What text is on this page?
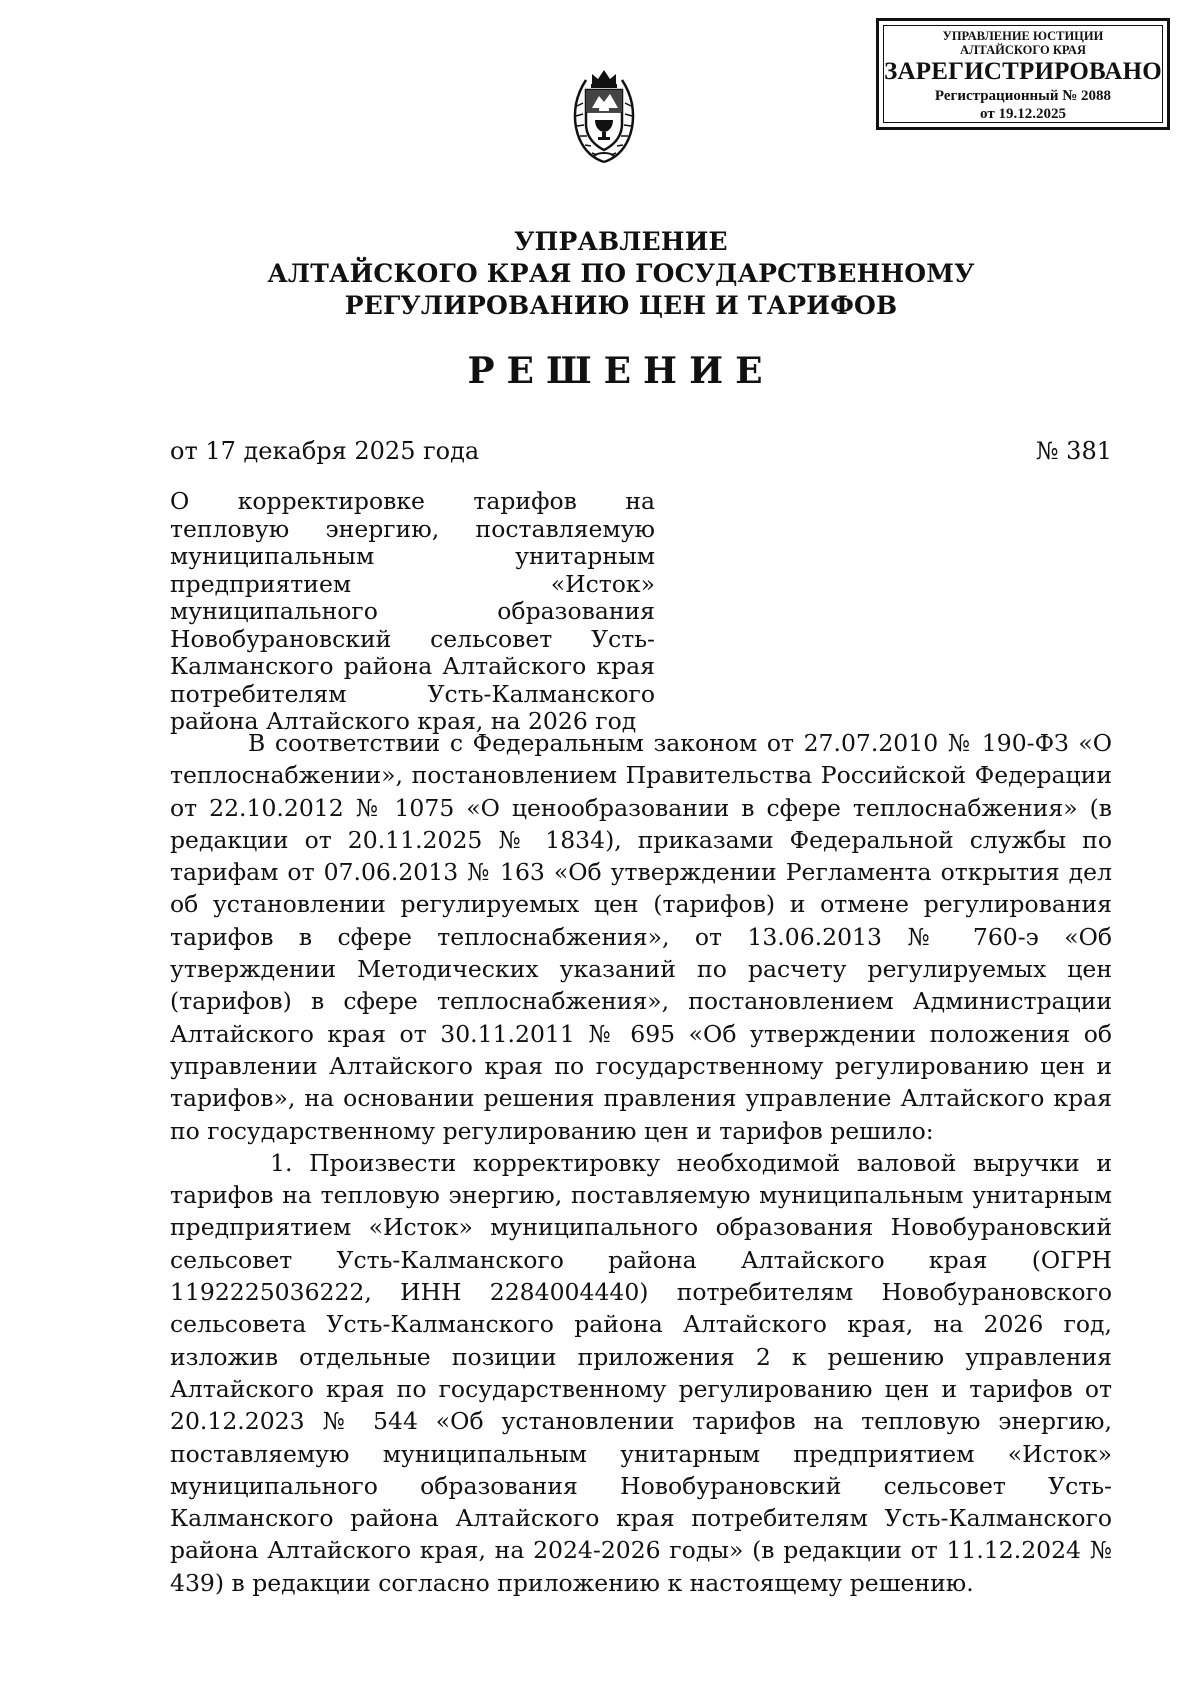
УПРАВЛЕНИЕ ЮСТИЦИИ
АЛТАЙСКОГО КРАЯ
ЗАРЕГИСТРИРОВАНО
Регистрационный № 2088
от 19.12.2025
УПРАВЛЕНИЕ
АЛТАЙСКОГО КРАЯ ПО ГОСУДАРСТВЕННОМУ
РЕГУЛИРОВАНИЮ ЦЕН И ТАРИФОВ
РЕШЕНИЕ
от 17 декабря 2025 года	№ 381
О корректировке тарифов на тепловую энергию, поставляемую муниципальным унитарным предприятием «Исток» муниципального образования Новобурановский сельсовет Усть-Калманского района Алтайского края потребителям Усть-Калманского района Алтайского края, на 2026 год

В соответствии с Федеральным законом от 27.07.2010 № 190-ФЗ «О теплоснабжении», постановлением Правительства Российской Федерации от 22.10.2012 № 1075 «О ценообразовании в сфере теплоснабжения» (в редакции от 20.11.2025 № 1834), приказами Федеральной службы по тарифам от 07.06.2013 № 163 «Об утверждении Регламента открытия дел об установлении регулируемых цен (тарифов) и отмене регулирования тарифов в сфере теплоснабжения», от 13.06.2013 № 760-э «Об утверждении Методических указаний по расчету регулируемых цен (тарифов) в сфере теплоснабжения», постановлением Администрации Алтайского края от 30.11.2011 № 695 «Об утверждении положения об управлении Алтайского края по государственному регулированию цен и тарифов», на основании решения правления управление Алтайского края по государственному регулированию цен и тарифов решило:

1. Произвести корректировку необходимой валовой выручки и тарифов на тепловую энергию, поставляемую муниципальным унитарным предприятием «Исток» муниципального образования Новобурановский сельсовет Усть-Калманского района Алтайского края (ОГРН 1192225036222, ИНН 2284004440) потребителям Новобурановского сельсовета Усть-Калманского района Алтайского края, на 2026 год, изложив отдельные позиции приложения 2 к решению управления Алтайского края по государственному регулированию цен и тарифов от 20.12.2023 № 544 «Об установлении тарифов на тепловую энергию, поставляемую муниципальным унитарным предприятием «Исток» муниципального образования Новобурановский сельсовет Усть-Калманского района Алтайского края потребителям Усть-Калманского района Алтайского края, на 2024-2026 годы» (в редакции от 11.12.2024 № 439) в редакции согласно приложению к настоящему решению.
